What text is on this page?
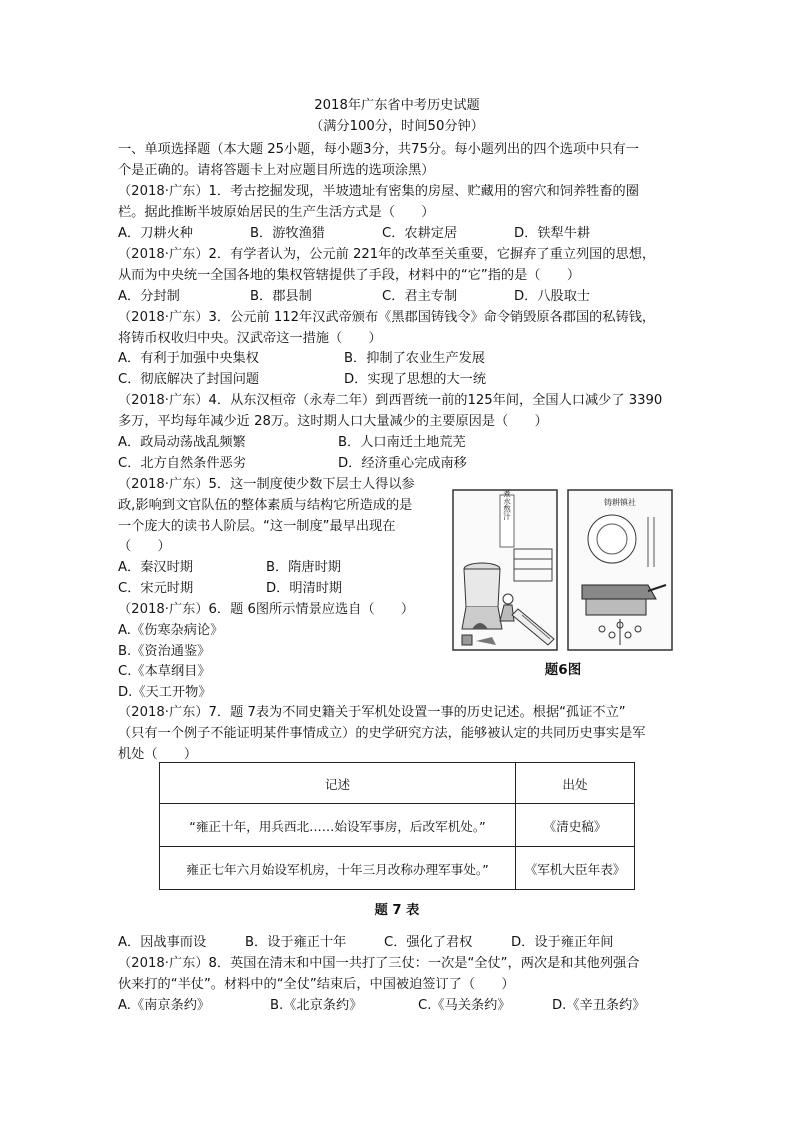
2018年广东省中考历史试题
（满分100分，时间50分钟）
一、单项选择题（本大题 25小题，每小题3分，共75分。每小题列出的四个选项中只有一
个是正确的。请将答题卡上对应题目所选的选项涂黑）
（2018·广东）1．考古挖掘发现，半坡遗址有密集的房屋、贮藏用的窖穴和饲养牲畜的圈
栏。据此推断半坡原始居民的生产生活方式是（　　）
A．刀耕火种	B．游牧渔猎	C．农耕定居	D．铁犁牛耕
（2018·广东）2．有学者认为，公元前 221年的改革至关重要，它摒弃了重立列国的思想，
从而为中央统一全国各地的集权管辖提供了手段，材料中的“它”指的是（　　）
A．分封制	B．郡县制	C．君主专制	D．八股取士
（2018·广东）3．公元前 112年汉武帝颁布《黑郡国铸钱令》命令销毁原各郡国的私铸钱，
将铸币权收归中央。汉武帝这一措施（　　）
A．有利于加强中央集权	B．抑制了农业生产发展
C．彻底解决了封国问题	D．实现了思想的大一统
（2018·广东）4．从东汉桓帝（永寿二年）到西晋统一前的125年间，全国人口减少了 3390
多万，平均每年减少近 28万。这时期人口大量减少的主要原因是（　　）
A．政局动荡战乱频繁	B．人口南迁土地荒芜
C．北方自然条件恶劣	D．经济重心完成南移
（2018·广东）5．这一制度使少数下层士人得以参
政,影响到文官队伍的整体素质与结构它所造成的是
一个庞大的读书人阶层。“这一制度”最早出现在
（　　）
A．秦汉时期	B．隋唐时期
C．宋元时期	D．明清时期
（2018·广东）6．题 6图所示情景应选自（　　）
A.《伤寒杂病论》
B.《资治通鉴》
C.《本草纲目》
D.《天工开物》
煮水熬汁	铸耕镇社
题6图
（2018·广东）7．题 7表为不同史籍关于军机处设置一事的历史记述。根据“孤证不立”
（只有一个例子不能证明某件事情成立）的史学研究方法，能够被认定的共同历史事实是军
机处（　　）
记述	出处
“雍正十年，用兵西北……始设军事房，后改军机处。”	《清史稿》
雍正七年六月始设军机房，十年三月改称办理军事处。”	《军机大臣年表》
题 7 表
A．因战事而设	B．设于雍正十年	C．强化了君权	D．设于雍正年间
（2018·广东）8．英国在清末和中国一共打了三仗：一次是“全仗”，两次是和其他列强合
伙来打的“半仗”。材料中的“全仗”结束后，中国被迫签订了（　　）
A.《南京条约》	B.《北京条约》	C.《马关条约》	D.《辛丑条约》
